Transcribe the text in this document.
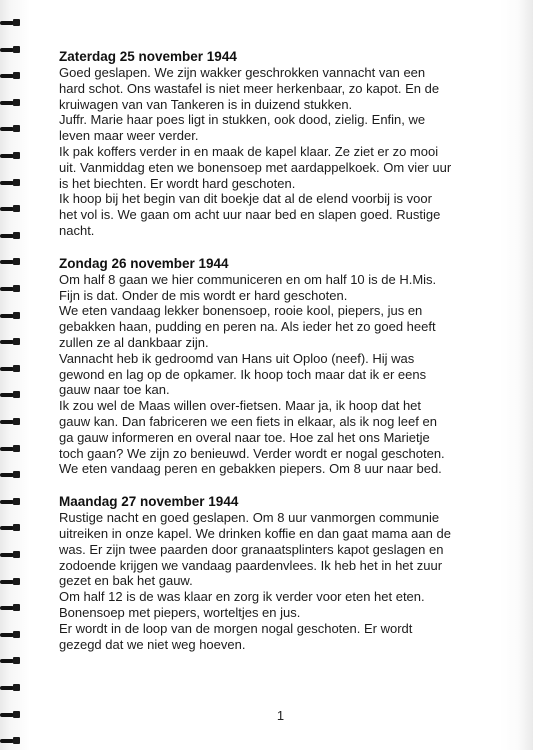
Zaterdag 25 november 1944
Goed geslapen. We zijn wakker geschrokken vannacht van een
hard schot. Ons wastafel is niet meer herkenbaar, zo kapot. En de
kruiwagen van van Tankeren is in duizend stukken.
Juffr. Marie haar poes ligt in stukken, ook dood, zielig. Enfin, we
leven maar weer verder.
Ik pak koffers verder in en maak de kapel klaar. Ze ziet er zo mooi
uit. Vanmiddag eten we bonensoep met aardappelkoek. Om vier uur
is het biechten. Er wordt hard geschoten.
Ik hoop bij het begin van dit boekje dat al de elend voorbij is voor
het vol is. We gaan om acht uur naar bed en slapen goed. Rustige
nacht.
Zondag 26 november 1944
Om half 8 gaan we hier communiceren en om half 10 is de H.Mis.
Fijn is dat. Onder de mis wordt er hard geschoten.
We eten vandaag lekker bonensoep, rooie kool, piepers, jus en
gebakken haan, pudding en peren na. Als ieder het zo goed heeft
zullen ze al dankbaar zijn.
Vannacht heb ik gedroomd van Hans uit Oploo (neef). Hij was
gewond en lag op de opkamer. Ik hoop toch maar dat ik er eens
gauw naar toe kan.
Ik zou wel de Maas willen over-fietsen. Maar ja, ik hoop dat het
gauw kan. Dan fabriceren we een fiets in elkaar, als ik nog leef en
ga gauw informeren en overal naar toe. Hoe zal het ons Marietje
toch gaan? We zijn zo benieuwd. Verder wordt er nogal geschoten.
We eten vandaag peren en gebakken piepers. Om 8 uur naar bed.
Maandag 27 november 1944
Rustige nacht en goed geslapen. Om 8 uur vanmorgen communie
uitreiken in onze kapel. We drinken koffie en dan gaat mama aan de
was. Er zijn twee paarden door granaatsplinters kapot geslagen en
zodoende krijgen we vandaag paardenvlees. Ik heb het in het zuur
gezet en bak het gauw.
Om half 12 is de was klaar en zorg ik verder voor eten het eten.
Bonensoep met piepers, worteltjes en jus.
Er wordt in de loop van de morgen nogal geschoten. Er wordt
gezegd dat we niet weg hoeven.
1
